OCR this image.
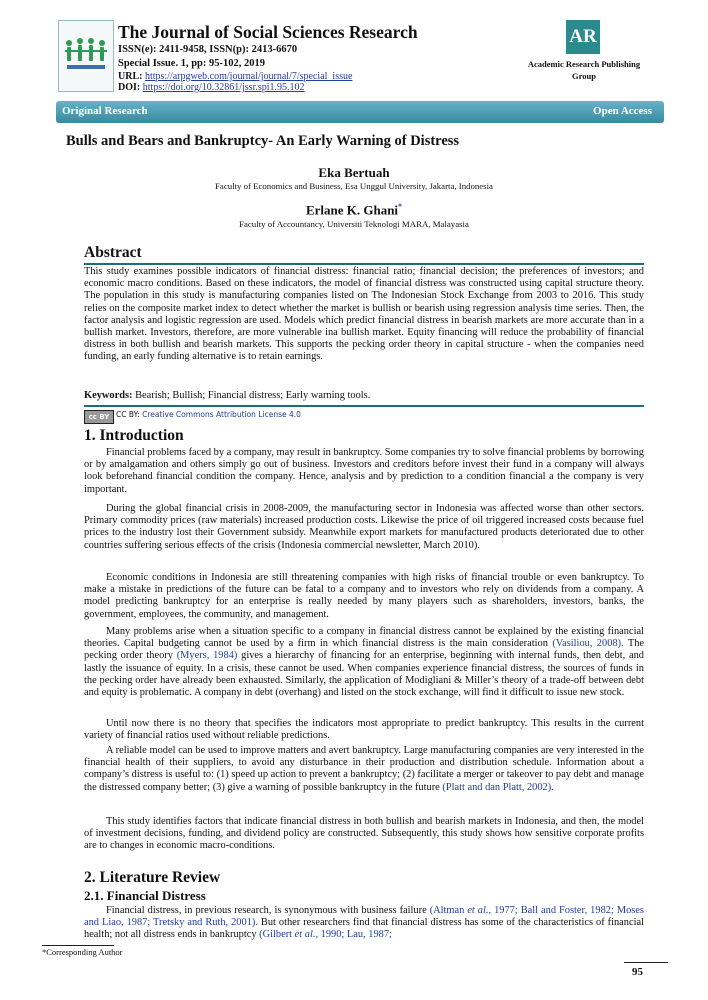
The Journal of Social Sciences Research
ISSN(e): 2411-9458, ISSN(p): 2413-6670
Special Issue. 1, pp: 95-102, 2019
URL: https://arpgweb.com/journal/journal/7/special_issue
DOI: https://doi.org/10.32861/jssr.spi1.95.102
AR
Academic Research Publishing
Group
Original Research	Open Access
Bulls and Bears and Bankruptcy- An Early Warning of Distress
Eka Bertuah
Faculty of Economics and Business, Esa Unggul University, Jakarta, Indonesia
Erlane K. Ghani*
Faculty of Accountancy, Universiti Teknologi MARA, Malayasia
Abstract
This study examines possible indicators of financial distress: financial ratio; financial decision; the preferences of investors; and economic macro conditions. Based on these indicators, the model of financial distress was constructed using capital structure theory. The population in this study is manufacturing companies listed on The Indonesian Stock Exchange from 2003 to 2016. This study relies on the composite market index to detect whether the market is bullish or bearish using regression analysis time series. Then, the factor analysis and logistic regression are used. Models which predict financial distress in bearish markets are more accurate than in a bullish market. Investors, therefore, are more vulnerable ina bullish market. Equity financing will reduce the probability of financial distress in both bullish and bearish markets. This supports the pecking order theory in capital structure - when the companies need funding, an early funding alternative is to retain earnings.
Keywords: Bearish; Bullish; Financial distress; Early warning tools.
cc BY CC BY: Creative Commons Attribution License 4.0
1. Introduction
Financial problems faced by a company, may result in bankruptcy. Some companies try to solve financial problems by borrowing or by amalgamation and others simply go out of business. Investors and creditors before invest their fund in a company will always look beforehand financial condition the company. Hence, analysis and by prediction to a condition financial a the company is very important.
During the global financial crisis in 2008-2009, the manufacturing sector in Indonesia was affected worse than other sectors. Primary commodity prices (raw materials) increased production costs. Likewise the price of oil triggered increased costs because fuel prices to the industry lost their Government subsidy. Meanwhile export markets for manufactured products deteriorated due to other countries suffering serious effects of the crisis (Indonesia commercial newsletter, March 2010).
Economic conditions in Indonesia are still threatening companies with high risks of financial trouble or even bankruptcy. To make a mistake in predictions of the future can be fatal to a company and to investors who rely on dividends from a company. A model predicting bankruptcy for an enterprise is really needed by many players such as shareholders, investors, banks, the government, employees, the community, and management.
Many problems arise when a situation specific to a company in financial distress cannot be explained by the existing financial theories. Capital budgeting cannot be used by a firm in which financial distress is the main consideration (Vasiliou, 2008). The pecking order theory (Myers, 1984) gives a hierarchy of financing for an enterprise, beginning with internal funds, then debt, and lastly the issuance of equity. In a crisis, these cannot be used. When companies experience financial distress, the sources of funds in the pecking order have already been exhausted. Similarly, the application of Modigliani & Miller’s theory of a trade-off between debt and equity is problematic. A company in debt (overhang) and listed on the stock exchange, will find it difficult to issue new stock.
Until now there is no theory that specifies the indicators most appropriate to predict bankruptcy. This results in the current variety of financial ratios used without reliable predictions.
A reliable model can be used to improve matters and avert bankruptcy. Large manufacturing companies are very interested in the financial health of their suppliers, to avoid any disturbance in their production and distribution schedule. Information about a company’s distress is useful to: (1) speed up action to prevent a bankruptcy; (2) facilitate a merger or takeover to pay debt and manage the distressed company better; (3) give a warning of possible bankruptcy in the future (Platt and dan Platt, 2002).
This study identifies factors that indicate financial distress in both bullish and bearish markets in Indonesia, and then, the model of investment decisions, funding, and dividend policy are constructed. Subsequently, this study shows how sensitive corporate profits are to changes in economic macro-conditions.
2. Literature Review
2.1. Financial Distress
Financial distress, in previous research, is synonymous with business failure (Altman et al., 1977; Ball and Foster, 1982; Moses and Liao, 1987; Tretsky and Ruth, 2001). But other researchers find that financial distress has some of the characteristics of financial health; not all distress ends in bankruptcy (Gilbert et al., 1990; Lau, 1987;
*Corresponding Author
95
